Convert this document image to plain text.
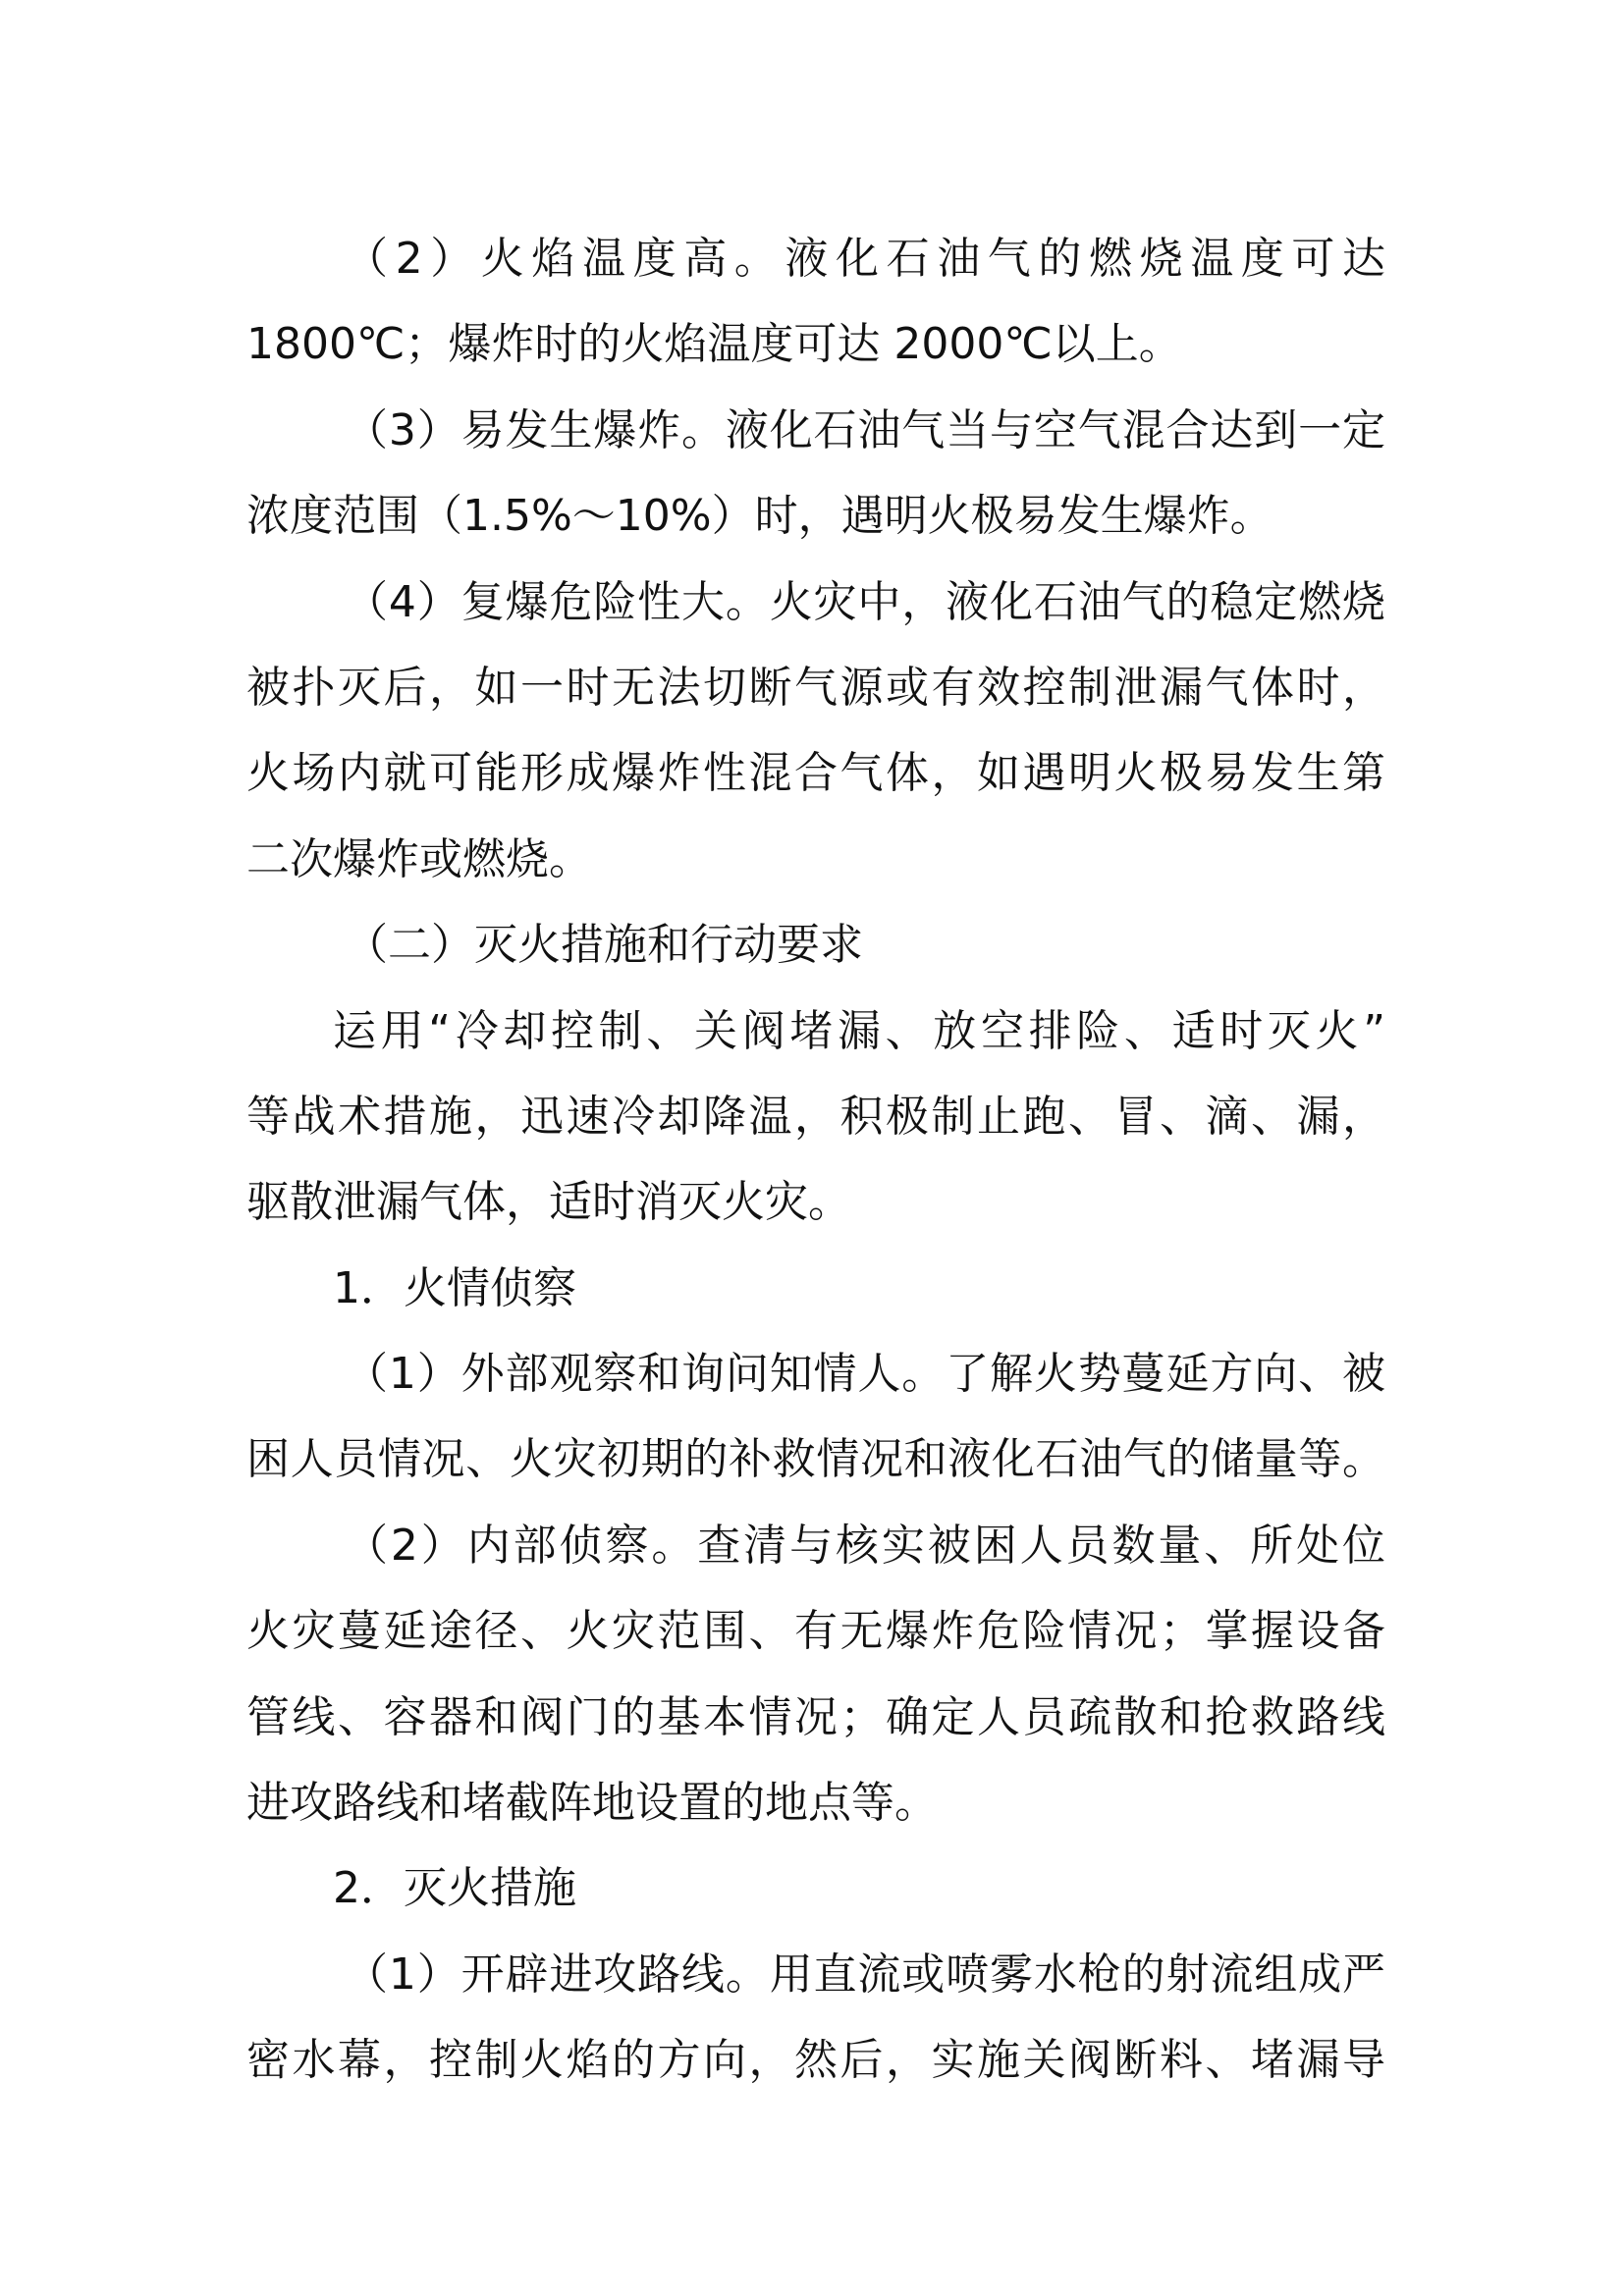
（2）火焰温度高。液化石油气的燃烧温度可达
1800℃；爆炸时的火焰温度可达 2000℃以上。
（3）易发生爆炸。液化石油气当与空气混合达到一定
浓度范围（1.5%～10%）时，遇明火极易发生爆炸。
（4）复爆危险性大。火灾中，液化石油气的稳定燃烧
被扑灭后，如一时无法切断气源或有效控制泄漏气体时，
火场内就可能形成爆炸性混合气体，如遇明火极易发生第
二次爆炸或燃烧。
（二）灭火措施和行动要求
运用“冷却控制、关阀堵漏、放空排险、适时灭火”
等战术措施，迅速冷却降温，积极制止跑、冒、滴、漏，
驱散泄漏气体，适时消灭火灾。
1．火情侦察
（1）外部观察和询问知情人。了解火势蔓延方向、被
困人员情况、火灾初期的补救情况和液化石油气的储量等。
（2）内部侦察。查清与核实被困人员数量、所处位
火灾蔓延途径、火灾范围、有无爆炸危险情况；掌握设备
管线、容器和阀门的基本情况；确定人员疏散和抢救路线
进攻路线和堵截阵地设置的地点等。
2．灭火措施
（1）开辟进攻路线。用直流或喷雾水枪的射流组成严
密水幕，控制火焰的方向，然后，实施关阀断料、堵漏导
